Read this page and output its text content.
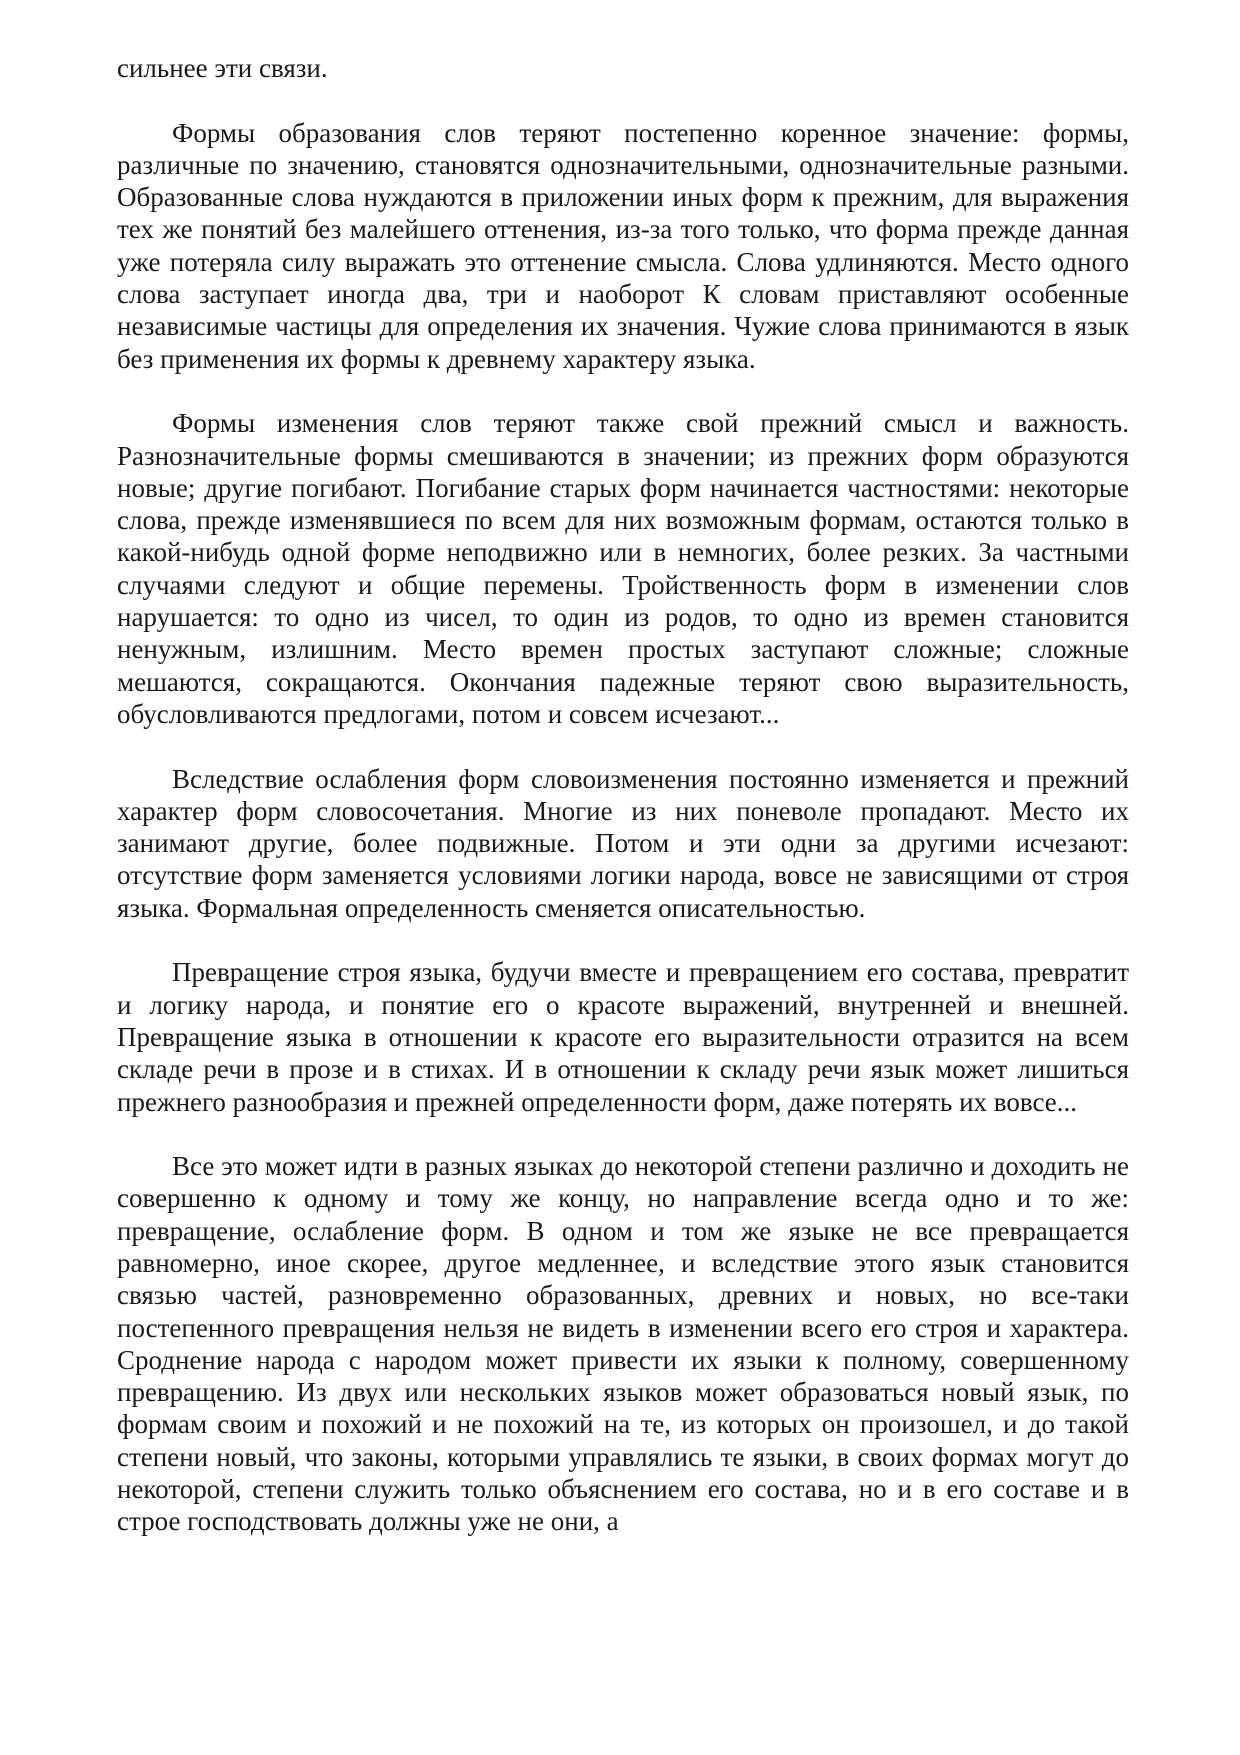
сильнее эти связи.

Формы образования слов теряют постепенно коренное значение: формы, различные по значению, становятся однозначительными, однозначительные разными. Образованные слова нуждаются в приложении иных форм к прежним, для выражения тех же понятий без малейшего оттенения, из-за того только, что форма прежде данная уже потеряла силу выражать это оттенение смысла. Слова удлиняются. Место одного слова заступает иногда два, три и наоборот К словам приставляют особенные независимые частицы для определения их значения. Чужие слова принимаются в язык без применения их формы к древнему характеру языка.

Формы изменения слов теряют также свой прежний смысл и важность. Разнозначительные формы смешиваются в значении; из прежних форм образуются новые; другие погибают. Погибание старых форм начинается частностями: некоторые слова, прежде изменявшиеся по всем для них возможным формам, остаются только в какой-нибудь одной форме неподвижно или в немногих, более резких. За частными случаями следуют и общие перемены. Тройственность форм в изменении слов нарушается: то одно из чисел, то один из родов, то одно из времен становится ненужным, излишним. Место времен простых заступают сложные; сложные мешаются, сокращаются. Окончания падежные теряют свою выразительность, обусловливаются предлогами, потом и совсем исчезают...

Вследствие ослабления форм словоизменения постоянно изменяется и прежний характер форм словосочетания. Многие из них поневоле пропадают. Место их занимают другие, более подвижные. Потом и эти одни за другими исчезают: отсутствие форм заменяется условиями логики народа, вовсе не зависящими от строя языка. Формальная определенность сменяется описательностью.

Превращение строя языка, будучи вместе и превращением его состава, превратит и логику народа, и понятие его о красоте выражений, внутренней и внешней. Превращение языка в отношении к красоте его выразительности отразится на всем складе речи в прозе и в стихах. И в отношении к складу речи язык может лишиться прежнего разнообразия и прежней определенности форм, даже потерять их вовсе...

Все это может идти в разных языках до некоторой степени различно и доходить не совершенно к одному и тому же концу, но направление всегда одно и то же: превращение, ослабление форм. В одном и том же языке не все превращается равномерно, иное скорее, другое медленнее, и вследствие этого язык становится связью частей, разновременно образованных, древних и новых, но все-таки постепенного превращения нельзя не видеть в изменении всего его строя и характера. Сроднение народа с народом может привести их языки к полному, совершенному превращению. Из двух или нескольких языков может образоваться новый язык, по формам своим и похожий и не похожий на те, из которых он произошел, и до такой степени новый, что законы, которыми управлялись те языки, в своих формах могут до некоторой, степени служить только объяснением его состава, но и в его составе и в строе господствовать должны уже не они, а
